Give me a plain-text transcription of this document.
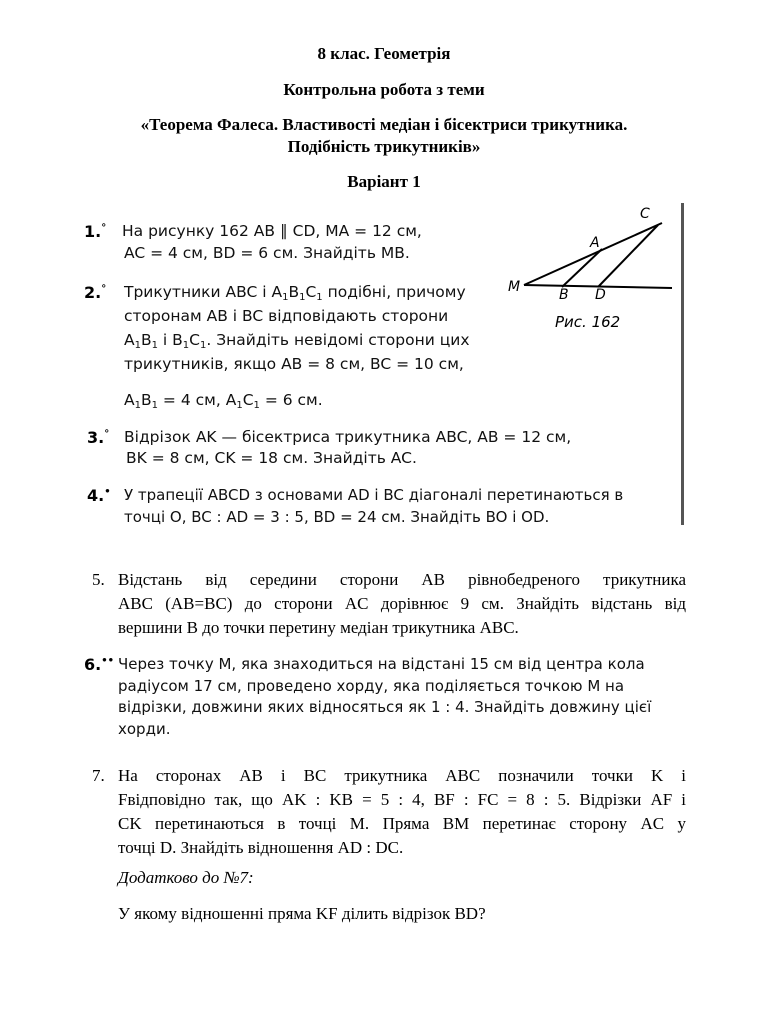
8 клас. Геометрія
Контрольна робота з теми
«Теорема Фалеса. Властивості медіан і бісектриси трикутника.
Подібність трикутників»
Варіант 1
1.° На рисунку 162 AB ∥ CD, MA = 12 см,
AC = 4 см, BD = 6 см. Знайдіть MB.
C
A
M	B D
Рис. 162
2.° Трикутники ABC і $A_1B_1C_1$ подібні, причому
сторонам AB і BC відповідають сторони
$A_1B_1$ і $B_1C_1$. Знайдіть невідомі сторони цих
трикутників, якщо AB = 8 см, BC = 10 см,
$A_1B_1 = 4$ см, $A_1C_1 = 6$ см.
3.° Відрізок AK — бісектриса трикутника ABC, AB = 12 см,
BK = 8 см, CK = 18 см. Знайдіть AC.
4.• У трапеції ABCD з основами AD і BC діагоналі перетинаються в
точці O, BC : AD = 3 : 5, BD = 24 см. Знайдіть BO і OD.
5. Відстань від середини сторони AB рівнобедреного трикутника
ABC (AB=BC) до сторони AC дорівнює 9 см. Знайдіть відстань від
вершини B до точки перетину медіан трикутника ABC.
6.•• Через точку M, яка знаходиться на відстані 15 см від центра кола
радіусом 17 см, проведено хорду, яка поділяється точкою M на
відрізки, довжини яких відносяться як 1 : 4. Знайдіть довжину цієї
хорди.
7. На сторонах AB і BC трикутника ABC позначили точки K і
Fвідповідно так, що AK : KB = 5 : 4, BF : FC = 8 : 5. Відрізки AF і
CK перетинаються в точці M. Пряма BM перетинає сторону AC у
точці D. Знайдіть відношення AD : DC.
Додатково до №7:
У якому відношенні пряма KF ділить відрізок BD?
